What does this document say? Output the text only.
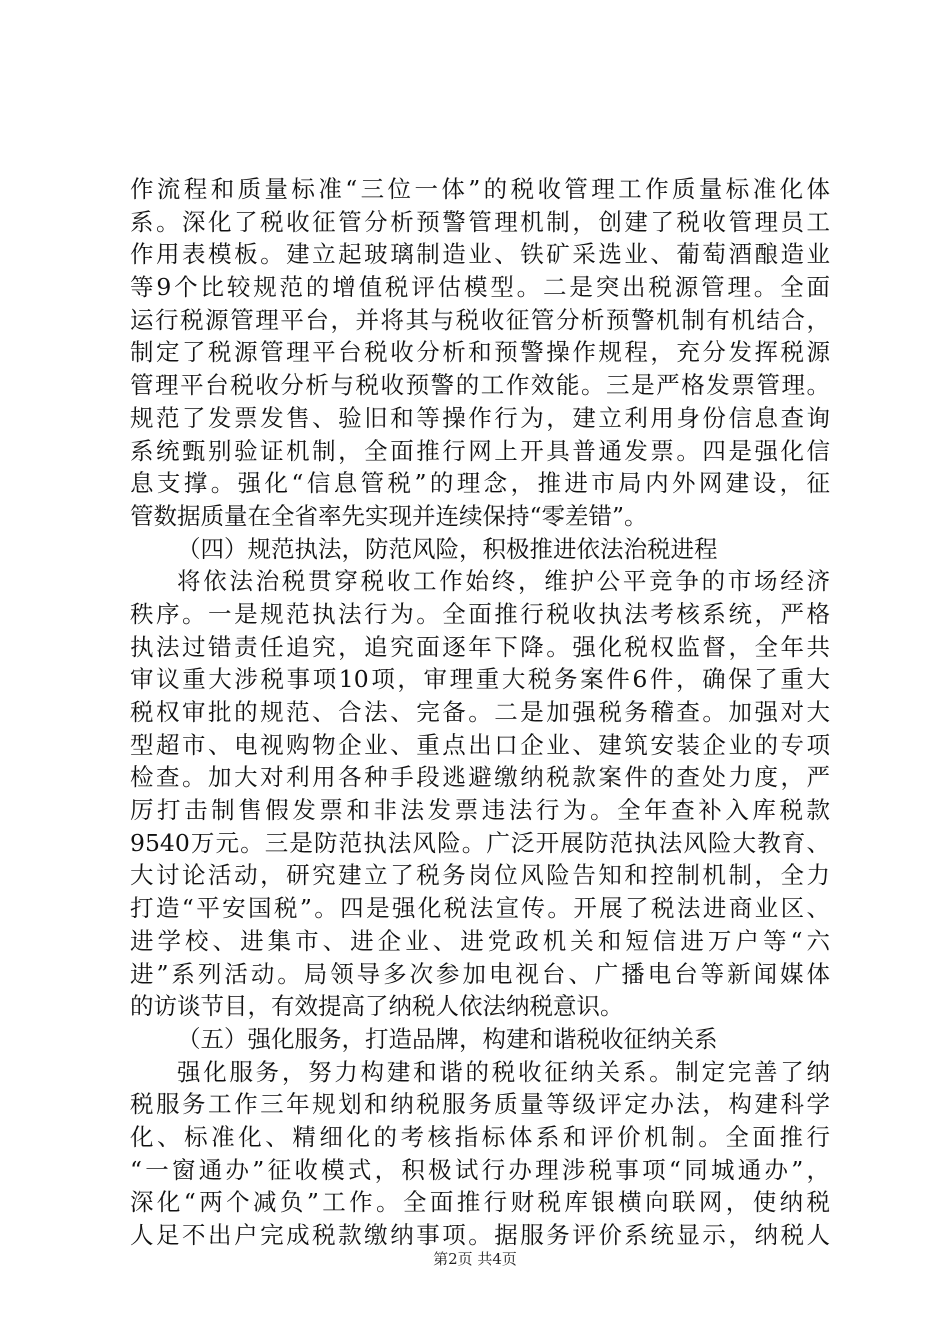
作流程和质量标准“三位一体”的税收管理工作质量标准化体
系。深化了税收征管分析预警管理机制，创建了税收管理员工
作用表模板。建立起玻璃制造业、铁矿采选业、葡萄酒酿造业
等9个比较规范的增值税评估模型。二是突出税源管理。全面
运行税源管理平台，并将其与税收征管分析预警机制有机结合，
制定了税源管理平台税收分析和预警操作规程，充分发挥税源
管理平台税收分析与税收预警的工作效能。三是严格发票管理。
规范了发票发售、验旧和等操作行为，建立利用身份信息查询
系统甄别验证机制，全面推行网上开具普通发票。四是强化信
息支撑。强化“信息管税”的理念，推进市局内外网建设，征
管数据质量在全省率先实现并连续保持“零差错”。
（四）规范执法，防范风险，积极推进依法治税进程
将依法治税贯穿税收工作始终，维护公平竞争的市场经济
秩序。一是规范执法行为。全面推行税收执法考核系统，严格
执法过错责任追究，追究面逐年下降。强化税权监督，全年共
审议重大涉税事项10项，审理重大税务案件6件，确保了重大
税权审批的规范、合法、完备。二是加强税务稽查。加强对大
型超市、电视购物企业、重点出口企业、建筑安装企业的专项
检查。加大对利用各种手段逃避缴纳税款案件的查处力度，严
厉打击制售假发票和非法发票违法行为。全年查补入库税款
9540万元。三是防范执法风险。广泛开展防范执法风险大教育、
大讨论活动，研究建立了税务岗位风险告知和控制机制，全力
打造“平安国税”。四是强化税法宣传。开展了税法进商业区、
进学校、进集市、进企业、进党政机关和短信进万户等“六
进”系列活动。局领导多次参加电视台、广播电台等新闻媒体
的访谈节目，有效提高了纳税人依法纳税意识。
（五）强化服务，打造品牌，构建和谐税收征纳关系
强化服务，努力构建和谐的税收征纳关系。制定完善了纳
税服务工作三年规划和纳税服务质量等级评定办法，构建科学
化、标准化、精细化的考核指标体系和评价机制。全面推行
“一窗通办”征收模式，积极试行办理涉税事项“同城通办”，
深化“两个减负”工作。全面推行财税库银横向联网，使纳税
人足不出户完成税款缴纳事项。据服务评价系统显示，纳税人
第2页 共4页
